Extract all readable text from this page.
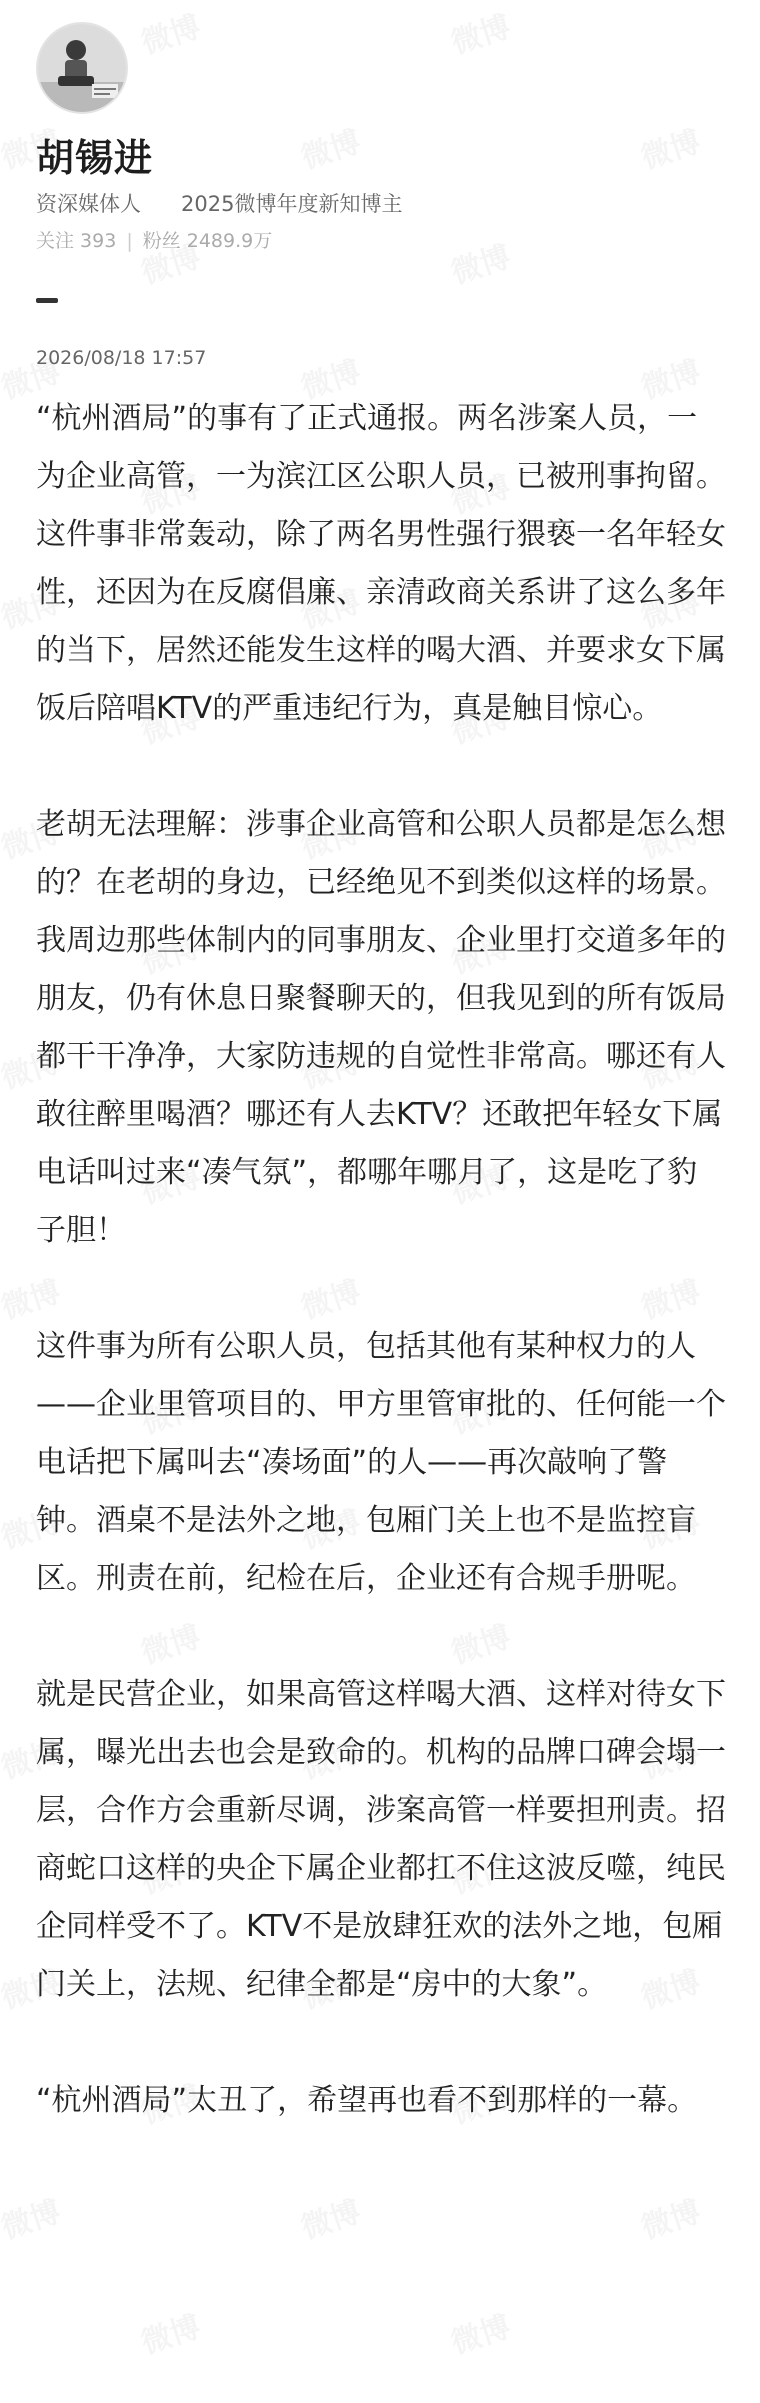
胡锡进
资深媒体人 2025微博年度新知博主
关注 393 | 粉丝 2489.9万
2026/08/18 17:57

“杭州酒局”的事有了正式通报。两名涉案人员，一为企业高管，一为滨江区公职人员，已被刑事拘留。

这件事非常轰动，除了两名男性强行猥亵一名年轻女性，还因为在反腐倡廉、亲清政商关系讲了这么多年的当下，居然还能发生这样的喝大酒、并要求女下属饭后陪唱KTV的严重违纪行为，真是触目惊心。

老胡无法理解：涉事企业高管和公职人员都是怎么想的？在老胡的身边，已经绝见不到类似这样的场景。我周边那些体制内的同事朋友、企业里打交道多年的朋友，仍有休息日聚餐聊天的，但我见到的所有饭局都干干净净，大家防违规的自觉性非常高。哪还有人敢往醉里喝酒？哪还有人去KTV？还敢把年轻女下属电话叫过来“凑气氛”，都哪年哪月了，这是吃了豹子胆！

这件事为所有公职人员，包括其他有某种权力的人——企业里管项目的、甲方里管审批的、任何能一个电话把下属叫去“凑场面”的人——再次敲响了警钟。酒桌不是法外之地，包厢门关上也不是监控盲区。刑责在前，纪检在后，企业还有合规手册呢。

就是民营企业，如果高管这样喝大酒、这样对待女下属，曝光出去也会是致命的。机构的品牌口碑会塌一层，合作方会重新尽调，涉案高管一样要担刑责。招商蛇口这样的央企下属企业都扛不住这波反噬，纯民企同样受不了。KTV不是放肆狂欢的法外之地，包厢门关上，法规、纪律全都是“房中的大象”。

“杭州酒局”太丑了，希望再也看不到那样的一幕。
